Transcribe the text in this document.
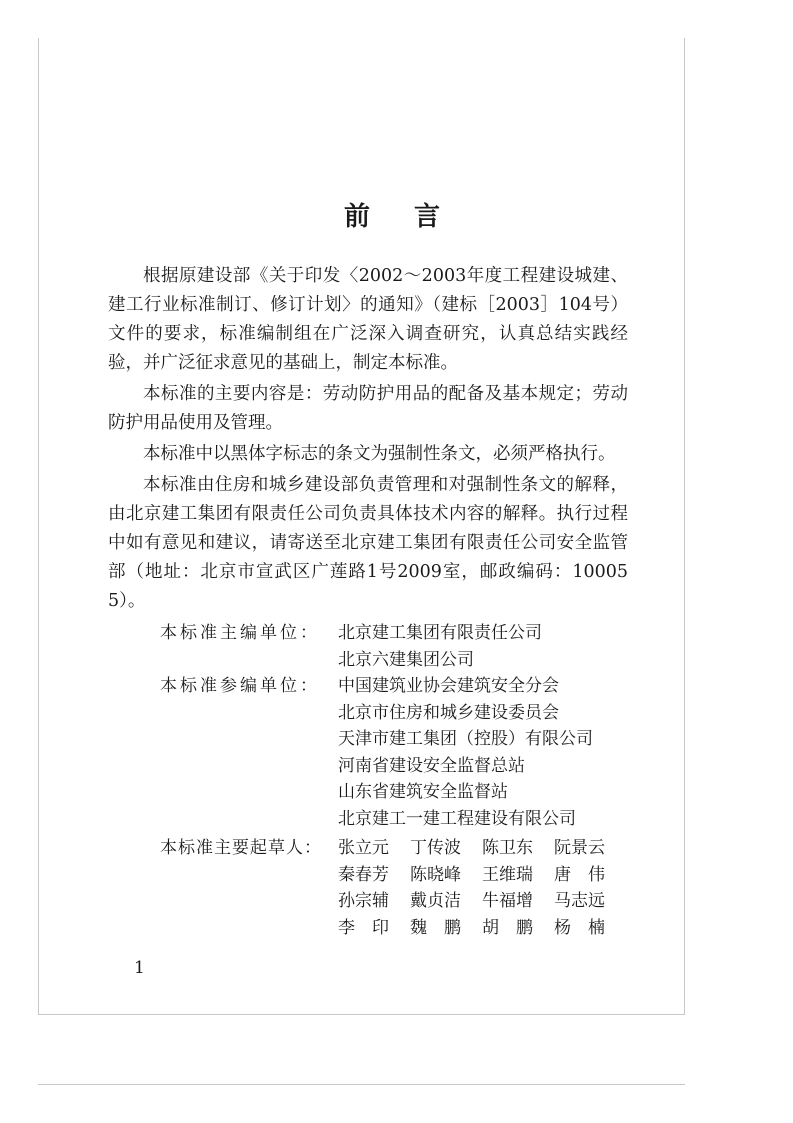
前言

根据原建设部《关于印发〈2002～2003年度工程建设城建、建工行业标准制订、修订计划〉的通知》（建标［2003］104号）文件的要求，标准编制组在广泛深入调查研究，认真总结实践经验，并广泛征求意见的基础上，制定本标准。

本标准的主要内容是：劳动防护用品的配备及基本规定；劳动防护用品使用及管理。

本标准中以黑体字标志的条文为强制性条文，必须严格执行。

本标准由住房和城乡建设部负责管理和对强制性条文的解释，由北京建工集团有限责任公司负责具体技术内容的解释。执行过程中如有意见和建议，请寄送至北京建工集团有限责任公司安全监管部（地址：北京市宣武区广莲路1号2009室，邮政编码：100055）。

本标准主编单位：	北京建工集团有限责任公司
北京六建集团公司
本标准参编单位：	中国建筑业协会建筑安全分会
北京市住房和城乡建设委员会
天津市建工集团（控股）有限公司
河南省建设安全监督总站
山东省建筑安全监督站
北京建工一建工程建设有限公司
本标准主要起草人： 张立元	丁传波	陈卫东	阮景云
秦春芳	陈晓峰	王维瑞	唐　伟
孙宗辅	戴贞洁	牛福增	马志远
李　印	魏　鹏	胡　鹏	杨　楠
1
